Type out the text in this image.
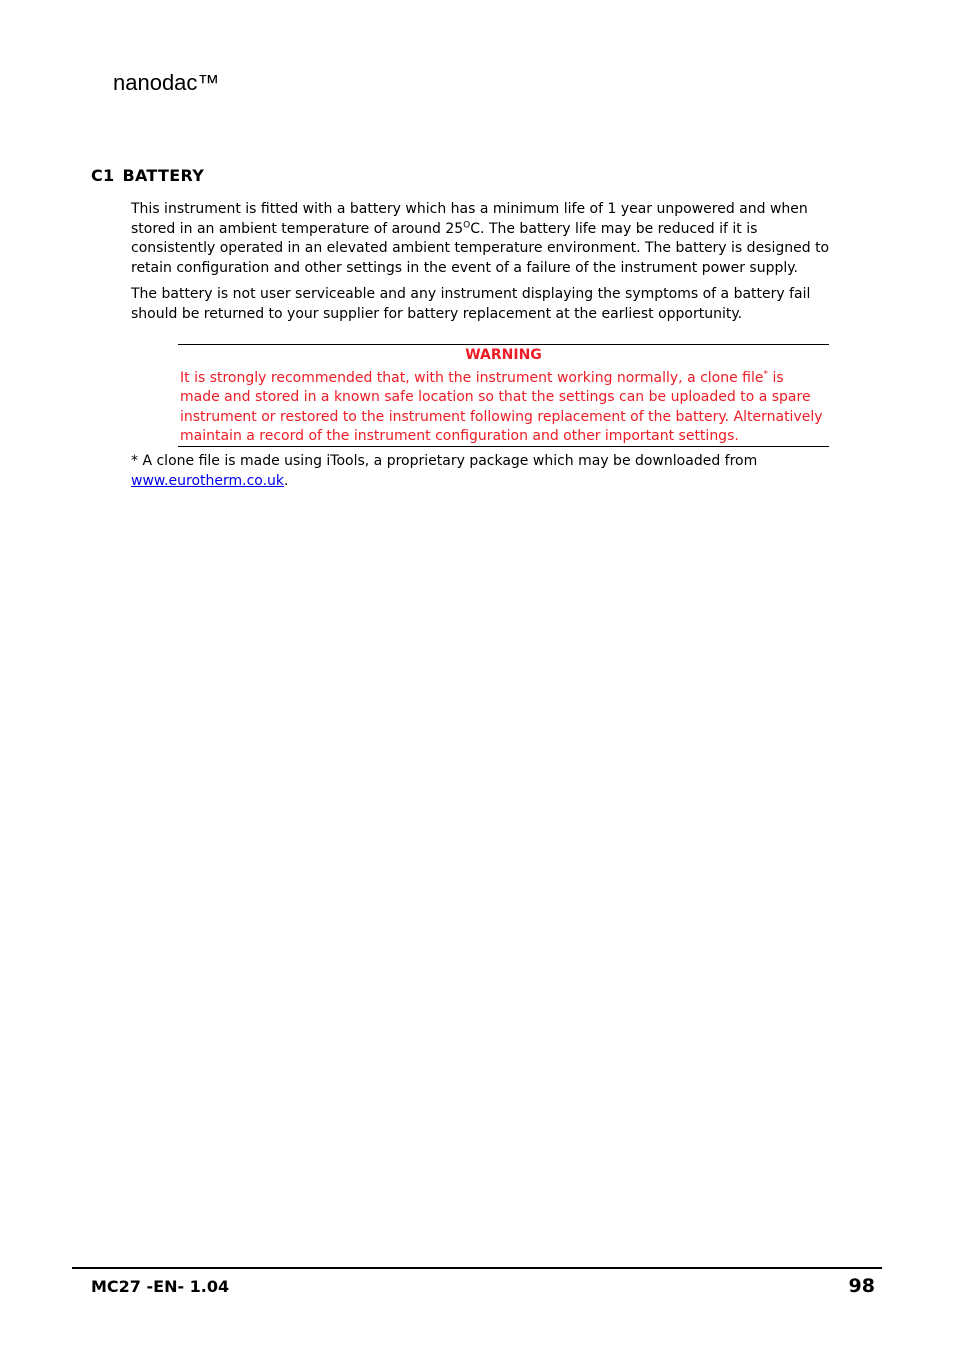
nanodac™
C1 BATTERY
This instrument is fitted with a battery which has a minimum life of 1 year unpowered and when stored in an ambient temperature of around $25^OC$. The battery life may be reduced if it is consistently operated in an elevated ambient temperature environment. The battery is designed to retain configuration and other settings in the event of a failure of the instrument power supply.
The battery is not user serviceable and any instrument displaying the symptoms of a battery fail should be returned to your supplier for battery replacement at the earliest opportunity.
WARNING
It is strongly recommended that, with the instrument working normally, a clone file* is made and stored in a known safe location so that the settings can be uploaded to a spare instrument or restored to the instrument following replacement of the battery. Alternatively maintain a record of the instrument configuration and other important settings.
* A clone file is made using iTools, a proprietary package which may be downloaded from
www.eurotherm.co.uk.
MC27 -EN- 1.04	98
